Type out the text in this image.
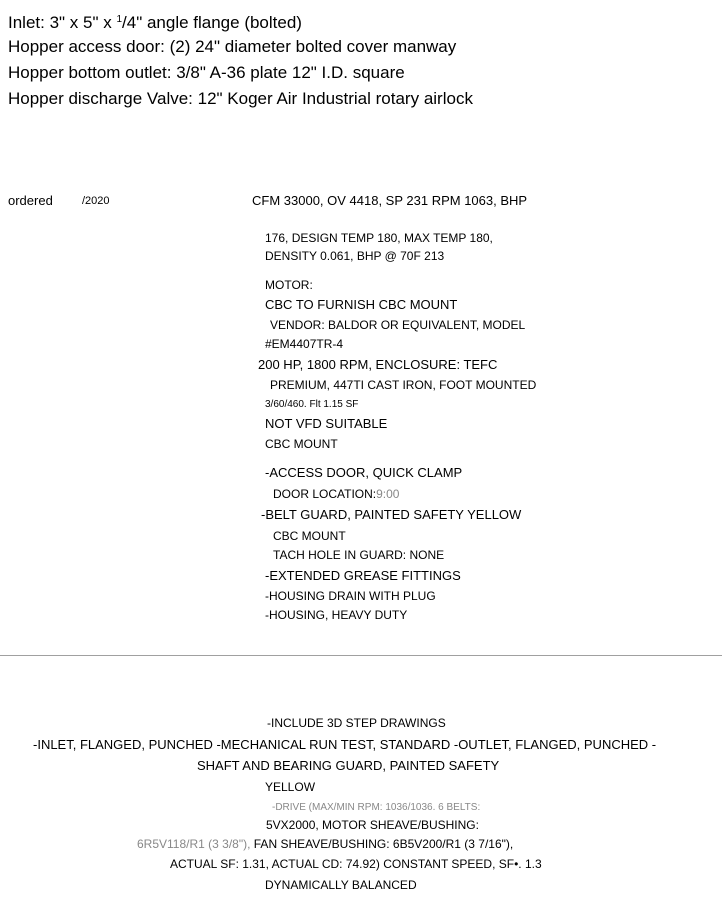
Inlet: 3" x 5" x $^1$/4" angle flange (bolted)
Hopper access door: (2) 24" diameter bolted cover manway
Hopper bottom outlet: 3/8" A-36 plate 12" I.D. square
Hopper discharge Valve: 12" Koger Air Industrial rotary airlock
ordered	/2020	CFM 33000, OV 4418, SP 231 RPM 1063, BHP
176, DESIGN TEMP 180, MAX TEMP 180,
DENSITY 0.061, BHP @ 70F 213
MOTOR:
CBC TO FURNISH CBC MOUNT
VENDOR: BALDOR OR EQUIVALENT, MODEL
#EM4407TR-4
200 HP, 1800 RPM, ENCLOSURE: TEFC
PREMIUM, 447TI CAST IRON, FOOT MOUNTED
3/60/460. Flt 1.15 SF
NOT VFD SUITABLE
CBC MOUNT
-ACCESS DOOR, QUICK CLAMP
DOOR LOCATION:9:00
-BELT GUARD, PAINTED SAFETY YELLOW
CBC MOUNT
TACH HOLE IN GUARD: NONE
-EXTENDED GREASE FITTINGS
-HOUSING DRAIN WITH PLUG
-HOUSING, HEAVY DUTY
-INCLUDE 3D STEP DRAWINGS
-INLET, FLANGED, PUNCHED -MECHANICAL RUN TEST, STANDARD -OUTLET, FLANGED, PUNCHED -
SHAFT AND BEARING GUARD, PAINTED SAFETY
YELLOW
-DRIVE (MAX/MIN RPM: 1036/1036. 6 BELTS:
5VX2000, MOTOR SHEAVE/BUSHING:
6R5V118/R1 (3 3/8"), FAN SHEAVE/BUSHING: 6B5V200/R1 (3 7/16"),
ACTUAL SF: 1.31, ACTUAL CD: 74.92) CONSTANT SPEED, SF•. 1.3
DYNAMICALLY BALANCED
